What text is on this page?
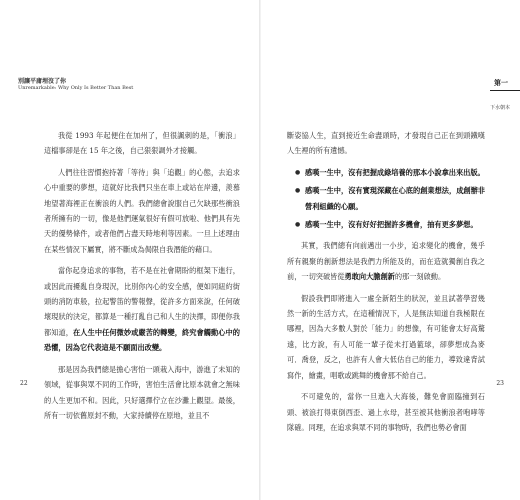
別讓平庸埋沒了你
Unremarkable: Why Only Is Better Than Best

我從 1993 年起便住在加州了，但很諷刺的是，「衝浪」這檔事卻是在 15 年之後，自己狠狠調外才接觸。

人們往往習慣抱持著「等待」與「追觀」的心態，去追求心中重要的夢想，這就好比我們只坐在車上或站在岸邊，羨慕地望著海裡正在衝浪的人們。我們總會說服自己欠缺那些衝浪者所擁有的一切，像是他們運氣很好有假可放啦、他們具有先天的優勢條件，或者他們占盡天時地利等因素。一旦上述理由在某些情況下屬實，將不斷成為侷限自我潛能的藉口。

當你起身追求的事物，若不是在社會期盼的框架下進行，或因此而擾亂自身現況，比別你內心的安全感，便如同紐約街頭的消防車般，拉起警笛的警報聲，從許多方面來說，任何破壞現狀的決定，都算是一種打亂自己和人生的決擇，即便你我都知道，在人生中任何微妙或嚴苦的轉變，終究會觸動心中的恐懼，因為它代表這是不願面出改變。

那是因為我們總是擔心害怕一頭栽入海中，游進了未知的領域，從事與眾不同的工作時，害怕生活會比原本就會之無味的人生更加不和。因此，只好選擇佇立在沙灘上觀望。最後，所有一切依舊原封不動，大家持續停在原地，並且不

22
第一
下水朝本

斷姿協人生，直到接近生命盡頭時，才發現自己正在到頭鐵嘆人生裡的所有遺憾。

● 感嘆一生中，沒有把握成綠培養的那本小說拿出來出版。
● 感嘆一生中，沒有實現深藏在心底的創業想法，成創辦非營利組織的心願。
● 感嘆一生中，沒有好好把握許多機會，抽有更多夢想。

其實，我們總有向前邁出一小步，追求變化的機會，幾乎所有親聚的創新想法是我們力所能及的，而在造就獨創自我之前，一切突破皆從勇敢向大膽創新的那一刻啟動。

假設我們即將進入一處全新陌生的狀況，並且試著學習幾然一新的生活方式，在這種情況下，人是無法知道自我極限在哪裡，因為大多數人對於「能力」的想像，有可能會太好高騖遠，比方說，有人可能一輩子從未打過籃球，卻夢想成為麥可．喬登，反之，也許有人會大低估自己的能力，導致違背試寫作，繪畫，唱歌或跳舞的機會那不給自己。

不可避免的，當你一旦進入大海後，難免會面臨撞到石頭、被浪打得東倒西歪、過上水母，甚至被其他衝浪者咆哮等隊確。同理，在追求與眾不同的事物時，我們也勢必會面

23
